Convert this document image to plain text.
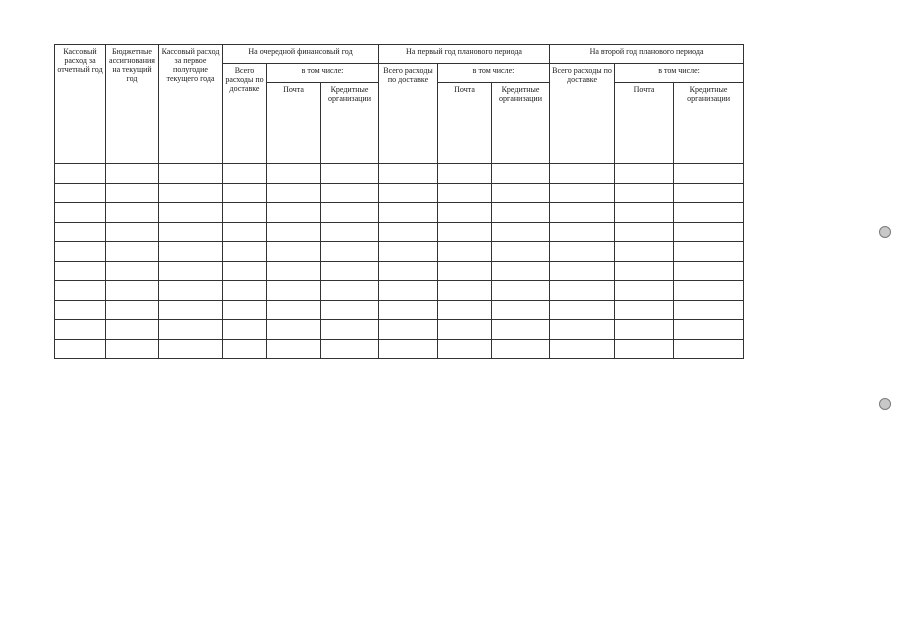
Кассовый расход за отчетный год	Бюджетные ассигнования на текущий год	Кассовый расход за первое полугодие текущего года	На очередной финансовый год			На первый год планового периода			На второй год планового периода		
			Всего расходы по доставке	в том числе:		Всего расходы по доставке	в том числе:		Всего расходы по доставке	в том числе:	
				Почта	Кредитные организации		Почта	Кредитные организации		Почта	Кредитные организации
